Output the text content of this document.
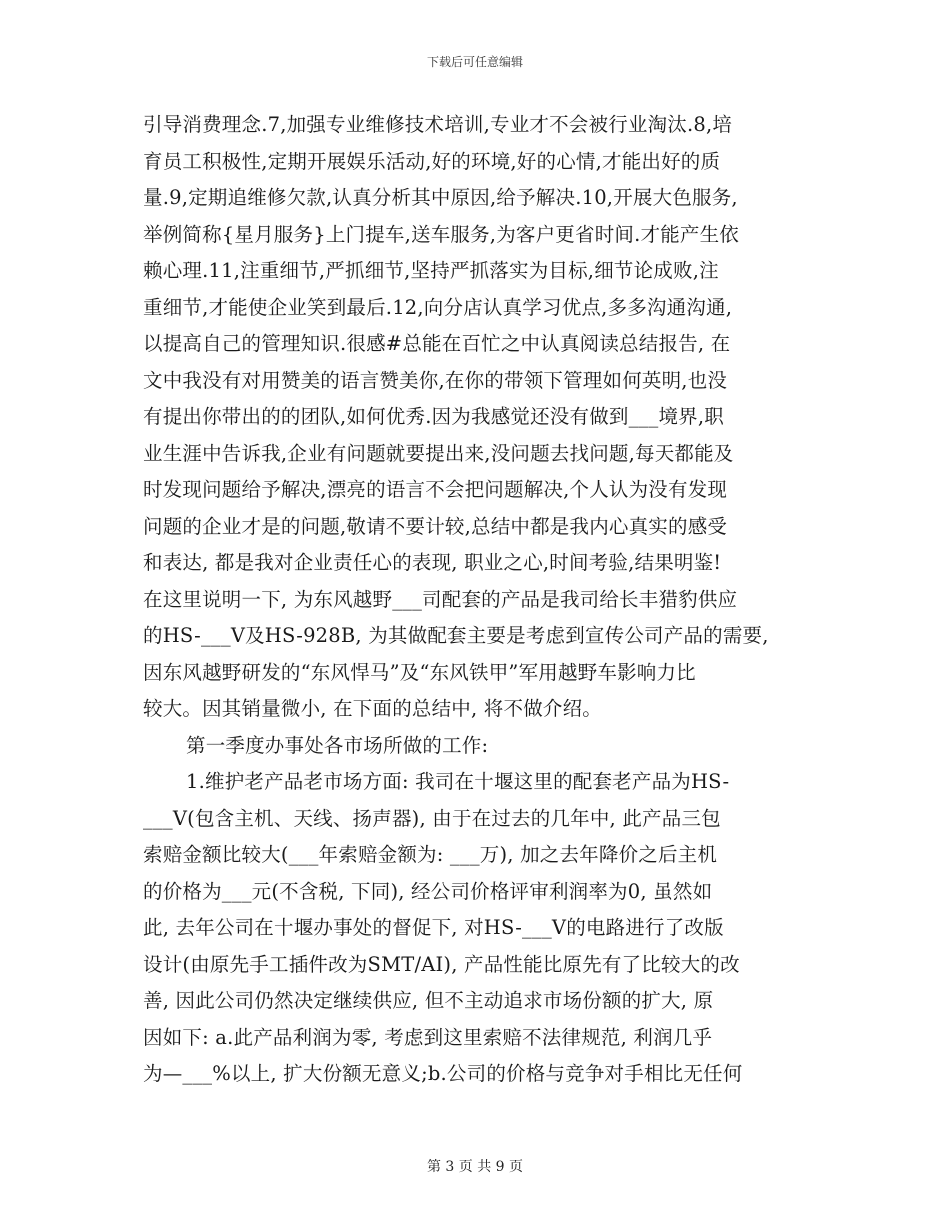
下载后可任意编辑
引导消费理念.7,加强专业维修技术培训,专业才不会被行业淘汰.8,培
育员工积极性,定期开展娱乐活动,好的环境,好的心情,才能出好的质
量.9,定期追维修欠款,认真分析其中原因,给予解决.10,开展大色服务,
举例简称{星月服务}上门提车,送车服务,为客户更省时间.才能产生依
赖心理.11,注重细节,严抓细节,坚持严抓落实为目标,细节论成败,注
重细节,才能使企业笑到最后.12,向分店认真学习优点,多多沟通沟通,
以提高自己的管理知识.很感#总能在百忙之中认真阅读总结报告, 在
文中我没有对用赞美的语言赞美你,在你的带领下管理如何英明,也没
有提出你带出的的团队,如何优秀.因为我感觉还没有做到___境界,职
业生涯中告诉我,企业有问题就要提出来,没问题去找问题,每天都能及
时发现问题给予解决,漂亮的语言不会把问题解决,个人认为没有发现
问题的企业才是的问题,敬请不要计较,总结中都是我内心真实的感受
和表达, 都是我对企业责任心的表现, 职业之心,时间考验,结果明鉴!
在这里说明一下, 为东风越野___司配套的产品是我司给长丰猎豹供应
的HS-___V及HS-928B, 为其做配套主要是考虑到宣传公司产品的需要,
因东风越野研发的“东风悍马”及“东风铁甲”军用越野车影响力比
较大。因其销量微小, 在下面的总结中, 将不做介绍。
第一季度办事处各市场所做的工作:
1.维护老产品老市场方面: 我司在十堰这里的配套老产品为HS-
___V(包含主机、天线、扬声器), 由于在过去的几年中, 此产品三包
索赔金额比较大(___年索赔金额为: ___万), 加之去年降价之后主机
的价格为___元(不含税, 下同), 经公司价格评审利润率为0, 虽然如
此, 去年公司在十堰办事处的督促下, 对HS-___V的电路进行了改版
设计(由原先手工插件改为SMT/AI), 产品性能比原先有了比较大的改
善, 因此公司仍然决定继续供应, 但不主动追求市场份额的扩大, 原
因如下: a.此产品利润为零, 考虑到这里索赔不法律规范, 利润几乎
为—___%以上, 扩大份额无意义;b.公司的价格与竞争对手相比无任何
第 3 页 共 9 页
